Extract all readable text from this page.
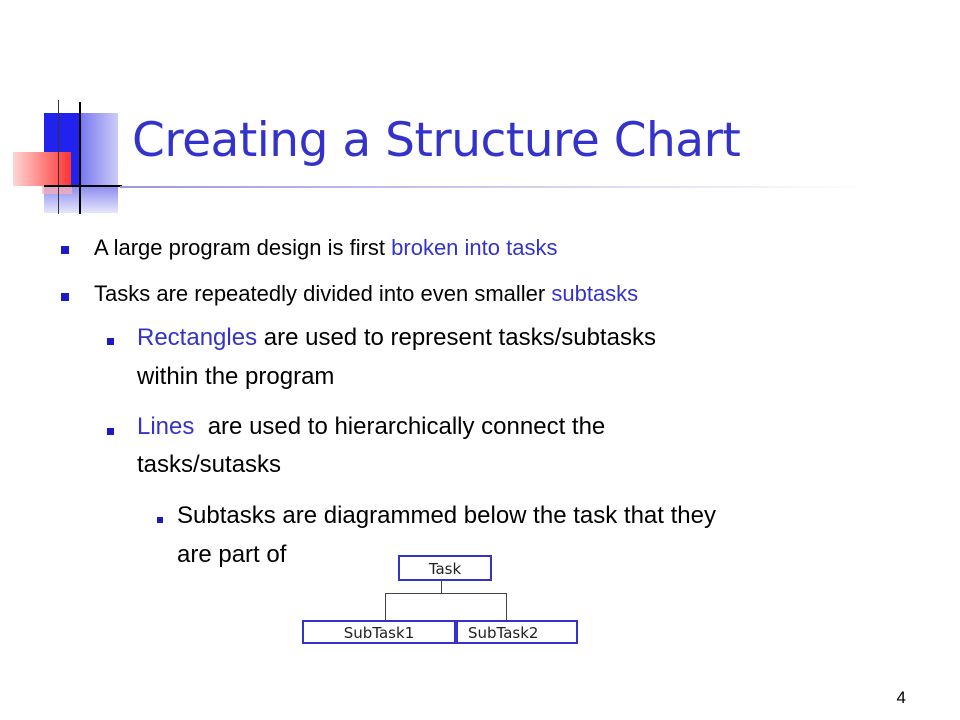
Creating a Structure Chart
A large program design is first broken into tasks
Tasks are repeatedly divided into even smaller subtasks
Rectangles are used to represent tasks/subtasks
within the program
Lines  are used to hierarchically connect the
tasks/sutasks
Subtasks are diagrammed below the task that they
are part of
Task
SubTask1	SubTask2
4
